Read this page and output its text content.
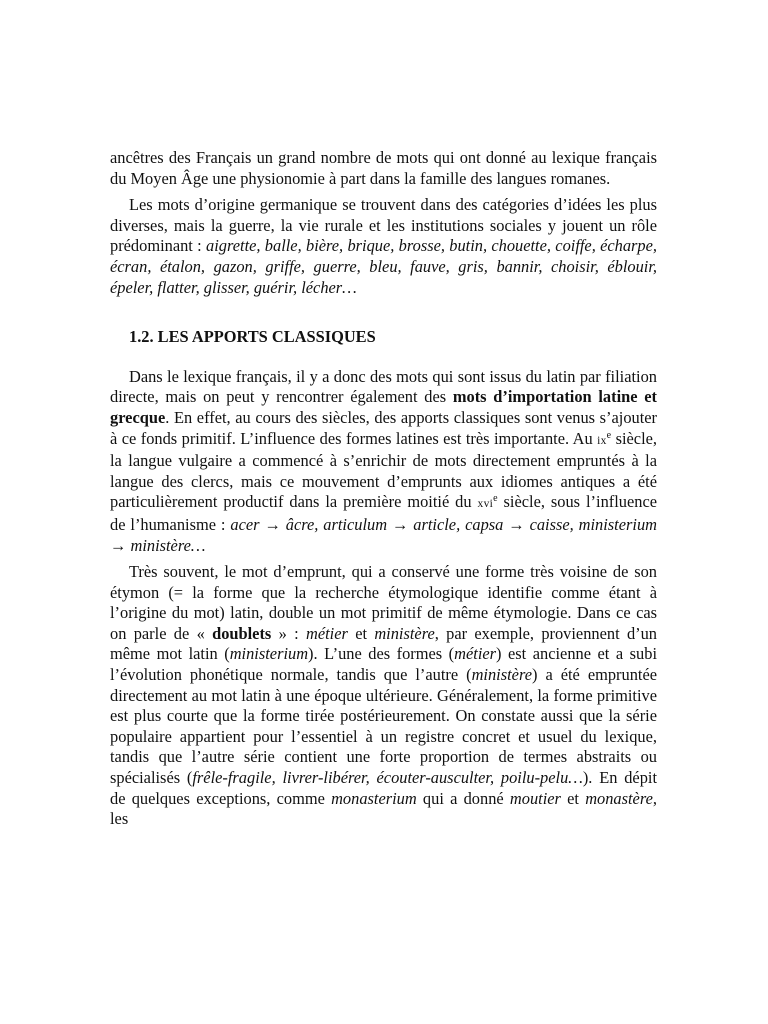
ancêtres des Français un grand nombre de mots qui ont donné au lexique français du Moyen Âge une physionomie à part dans la famille des langues romanes.

Les mots d’origine germanique se trouvent dans des catégories d’idées les plus diverses, mais la guerre, la vie rurale et les institutions sociales y jouent un rôle prédominant : aigrette, balle, bière, brique, brosse, butin, chouette, coiffe, écharpe, écran, étalon, gazon, griffe, guerre, bleu, fauve, gris, bannir, choisir, éblouir, épeler, flatter, glisser, guérir, lécher…

1.2. LES APPORTS CLASSIQUES

Dans le lexique français, il y a donc des mots qui sont issus du latin par filiation directe, mais on peut y rencontrer également des mots d’importation latine et grecque. En effet, au cours des siècles, des apports classiques sont venus s’ajouter à ce fonds primitif. L’influence des formes latines est très importante. Au $ix^e$ siècle, la langue vulgaire a commencé à s’enrichir de mots directement empruntés à la langue des clercs, mais ce mouvement d’emprunts aux idiomes antiques a été particulièrement productif dans la première moitié du xvi$^e$ siècle, sous l’influence de l’humanisme : acer → âcre, articulum → article, capsa → caisse, ministerium → ministère…

Très souvent, le mot d’emprunt, qui a conservé une forme très voisine de son étymon (= la forme que la recherche étymologique identifie comme étant à l’origine du mot) latin, double un mot primitif de même étymologie. Dans ce cas on parle de « doublets » : métier et ministère, par exemple, proviennent d’un même mot latin (ministerium). L’une des formes (métier) est ancienne et a subi l’évolution phonétique normale, tandis que l’autre (ministère) a été empruntée directement au mot latin à une époque ultérieure. Généralement, la forme primitive est plus courte que la forme tirée postérieurement. On constate aussi que la série populaire appartient pour l’essentiel à un registre concret et usuel du lexique, tandis que l’autre série contient une forte proportion de termes abstraits ou spécialisés (frêle-fragile, livrer-libérer, écouter-ausculter, poilu-pelu…). En dépit de quelques exceptions, comme monasterium qui a donné moutier et monastère, les
